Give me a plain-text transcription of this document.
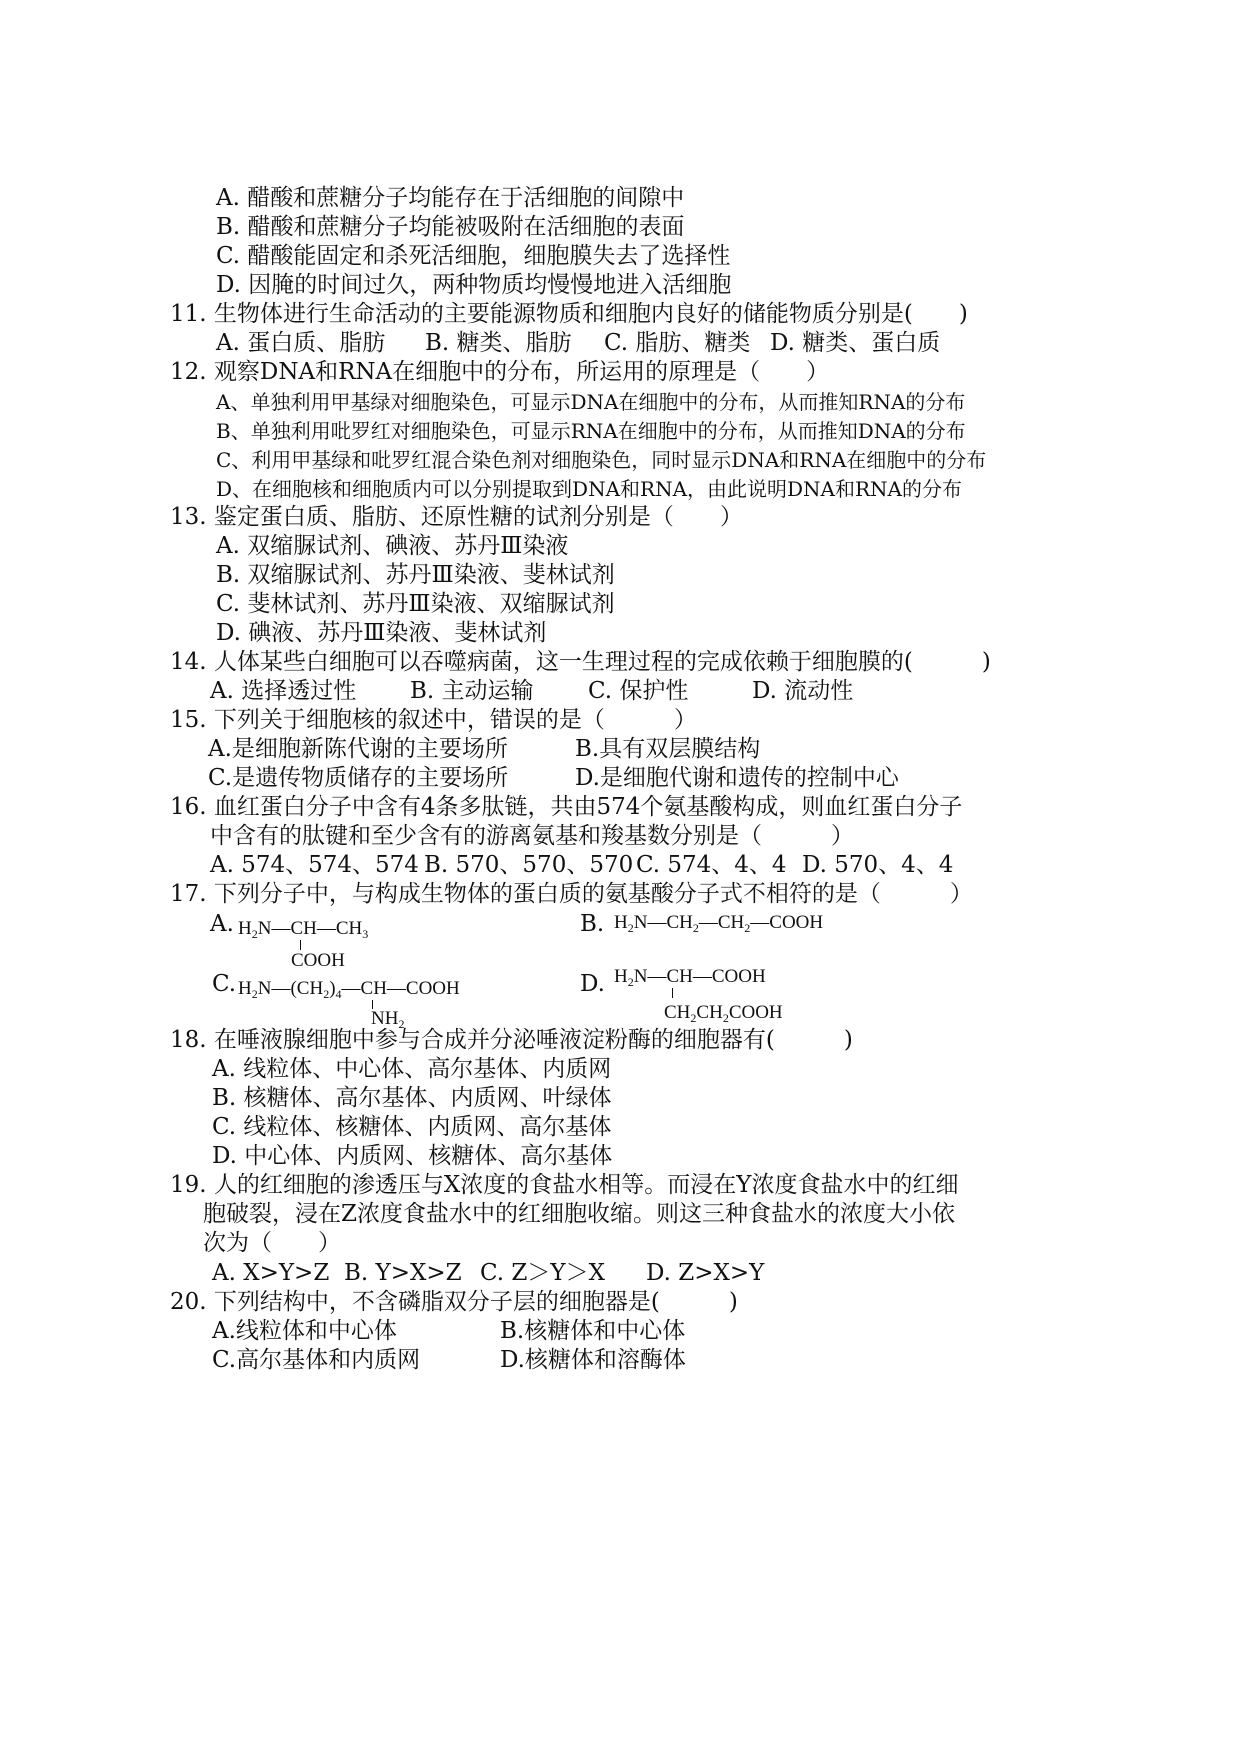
A. 醋酸和蔗糖分子均能存在于活细胞的间隙中
B. 醋酸和蔗糖分子均能被吸附在活细胞的表面
C. 醋酸能固定和杀死活细胞，细胞膜失去了选择性
D. 因腌的时间过久，两种物质均慢慢地进入活细胞
11. 生物体进行生命活动的主要能源物质和细胞内良好的储能物质分别是(　　)
A. 蛋白质、脂肪 B. 糖类、脂肪 C. 脂肪、糖类 D. 糖类、蛋白质
12. 观察DNA和RNA在细胞中的分布，所运用的原理是（　　）
A、单独利用甲基绿对细胞染色，可显示DNA在细胞中的分布，从而推知RNA的分布
B、单独利用吡罗红对细胞染色，可显示RNA在细胞中的分布，从而推知DNA的分布
C、利用甲基绿和吡罗红混合染色剂对细胞染色，同时显示DNA和RNA在细胞中的分布
D、在细胞核和细胞质内可以分别提取到DNA和RNA，由此说明DNA和RNA的分布
13. 鉴定蛋白质、脂肪、还原性糖的试剂分别是（　　）
A. 双缩脲试剂、碘液、苏丹Ⅲ染液
B. 双缩脲试剂、苏丹Ⅲ染液、斐林试剂
C. 斐林试剂、苏丹Ⅲ染液、双缩脲试剂
D. 碘液、苏丹Ⅲ染液、斐林试剂
14. 人体某些白细胞可以吞噬病菌，这一生理过程的完成依赖于细胞膜的(　　　)
A. 选择透过性 B. 主动运输 C. 保护性	D. 流动性
15. 下列关于细胞核的叙述中，错误的是（　　　）
A.是细胞新陈代谢的主要场所	B.具有双层膜结构
C.是遗传物质储存的主要场所	D.是细胞代谢和遗传的控制中心
16. 血红蛋白分子中含有4条多肽链，共由574个氨基酸构成，则血红蛋白分子
中含有的肽键和至少含有的游离氨基和羧基数分别是（　　　）
A. 574、574、574 B. 570、570、570 C. 574、4、4 D. 570、4、4
17. 下列分子中，与构成生物体的蛋白质的氨基酸分子式不相符的是（　　　）
A. $H_2N—CH—CH_3$
COOH
B. $H_2N—CH_2—CH_2—COOH$
C. $H_2N—(CH_2)_4—CH—COOH$
$NH_2$
D. $H_2N—CH—COOH$
$CH_2CH_2COOH$
18. 在唾液腺细胞中参与合成并分泌唾液淀粉酶的细胞器有(　　　)
A. 线粒体、中心体、高尔基体、内质网
B. 核糖体、高尔基体、内质网、叶绿体
C. 线粒体、核糖体、内质网、高尔基体
D. 中心体、内质网、核糖体、高尔基体
19. 人的红细胞的渗透压与X浓度的食盐水相等。而浸在Y浓度食盐水中的红细
胞破裂，浸在Z浓度食盐水中的红细胞收缩。则这三种食盐水的浓度大小依
次为（　　）
A. X>Y>Z B. Y>X>Z C. Z＞Y＞X D. Z>X>Y
20. 下列结构中，不含磷脂双分子层的细胞器是(　　　)
A.线粒体和中心体	B.核糖体和中心体
C.高尔基体和内质网	D.核糖体和溶酶体
